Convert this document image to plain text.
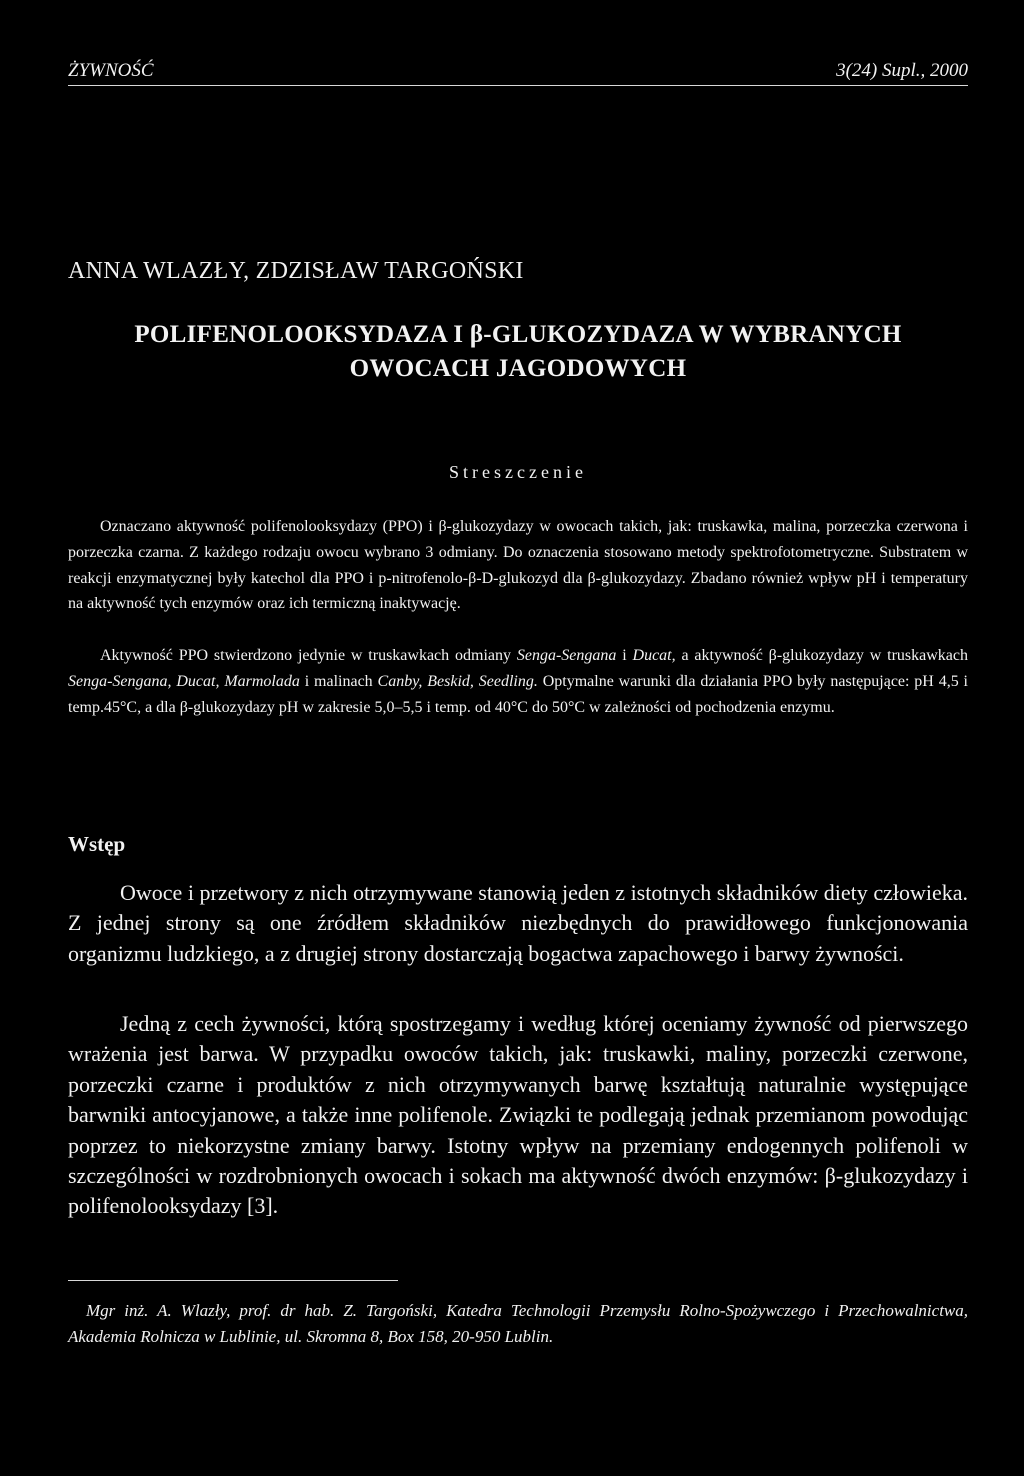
ŻYWNOŚĆ	3(24) Supl., 2000
ANNA WLAZŁY, ZDZISŁAW TARGOŃSKI
POLIFENOLOOKSYDAZA I β-GLUKOZYDAZA W WYBRANYCH
OWOCACH JAGODOWYCH
Streszczenie

Oznaczano aktywność polifenolooksydazy (PPO) i β-glukozydazy w owocach takich, jak: truskawka, malina, porzeczka czerwona i porzeczka czarna. Z każdego rodzaju owocu wybrano 3 odmiany. Do oznaczenia stosowano metody spektrofotometryczne. Substratem w reakcji enzymatycznej były katechol dla PPO i p-nitrofenolo-β-D-glukozyd dla β-glukozydazy. Zbadano również wpływ pH i temperatury na aktywność tych enzymów oraz ich termiczną inaktywację.

Aktywność PPO stwierdzono jedynie w truskawkach odmiany Senga-Sengana i Ducat, a aktywność β-glukozydazy w truskawkach Senga-Sengana, Ducat, Marmolada i malinach Canby, Beskid, Seedling. Optymalne warunki dla działania PPO były następujące: pH 4,5 i temp.45°C, a dla β-glukozydazy pH w zakresie 5,0–5,5 i temp. od 40°C do 50°C w zależności od pochodzenia enzymu.

Wstęp

Owoce i przetwory z nich otrzymywane stanowią jeden z istotnych składników diety człowieka. Z jednej strony są one źródłem składników niezbędnych do prawidłowego funkcjonowania organizmu ludzkiego, a z drugiej strony dostarczają bogactwa zapachowego i barwy żywności.

Jedną z cech żywności, którą spostrzegamy i według której oceniamy żywność od pierwszego wrażenia jest barwa. W przypadku owoców takich, jak: truskawki, maliny, porzeczki czerwone, porzeczki czarne i produktów z nich otrzymywanych barwę kształtują naturalnie występujące barwniki antocyjanowe, a także inne polifenole. Związki te podlegają jednak przemianom powodując poprzez to niekorzystne zmiany barwy. Istotny wpływ na przemiany endogennych polifenoli w szczególności w rozdrobnionych owocach i sokach ma aktywność dwóch enzymów: β-glukozydazy i polifenolooksydazy [3].

Mgr inż. A. Wlazły, prof. dr hab. Z. Targoński, Katedra Technologii Przemysłu Rolno-Spożywczego i Przechowalnictwa, Akademia Rolnicza w Lublinie, ul. Skromna 8, Box 158, 20-950 Lublin.
